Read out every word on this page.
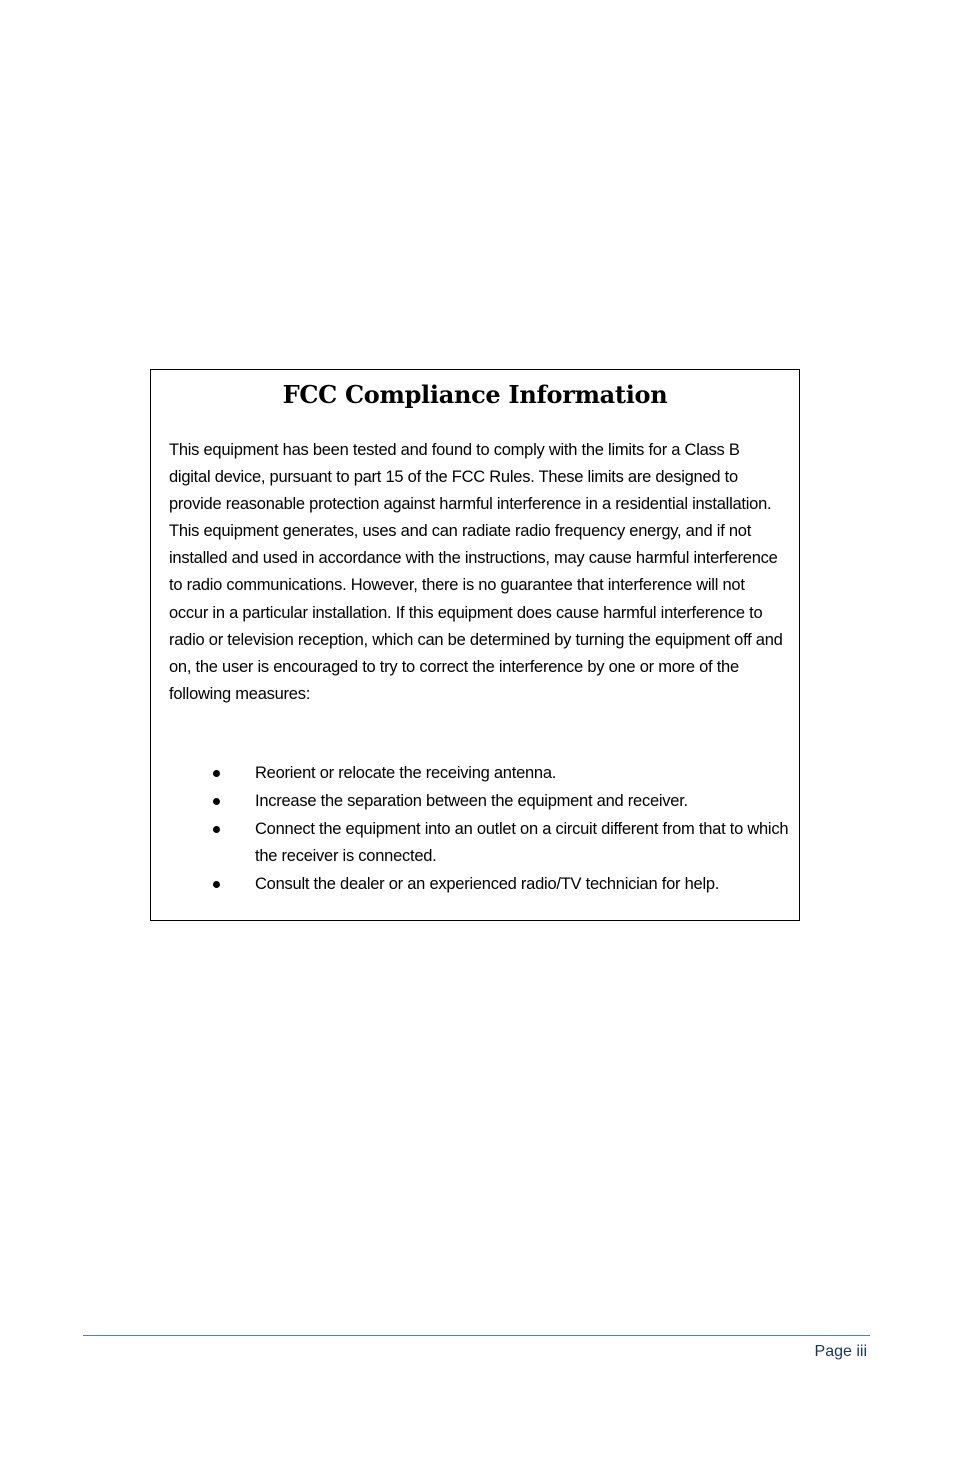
FCC Compliance Information

This equipment has been tested and found to comply with the limits for a Class B digital device, pursuant to part 15 of the FCC Rules. These limits are designed to provide reasonable protection against harmful interference in a residential installation. This equipment generates, uses and can radiate radio frequency energy, and if not installed and used in accordance with the instructions, may cause harmful interference to radio communications. However, there is no guarantee that interference will not occur in a particular installation. If this equipment does cause harmful interference to radio or television reception, which can be determined by turning the equipment off and on, the user is encouraged to try to correct the interference by one or more of the following measures:

Reorient or relocate the receiving antenna.
Increase the separation between the equipment and receiver.
Connect the equipment into an outlet on a circuit different from that to which the receiver is connected.
Consult the dealer or an experienced radio/TV technician for help.
Page iii
